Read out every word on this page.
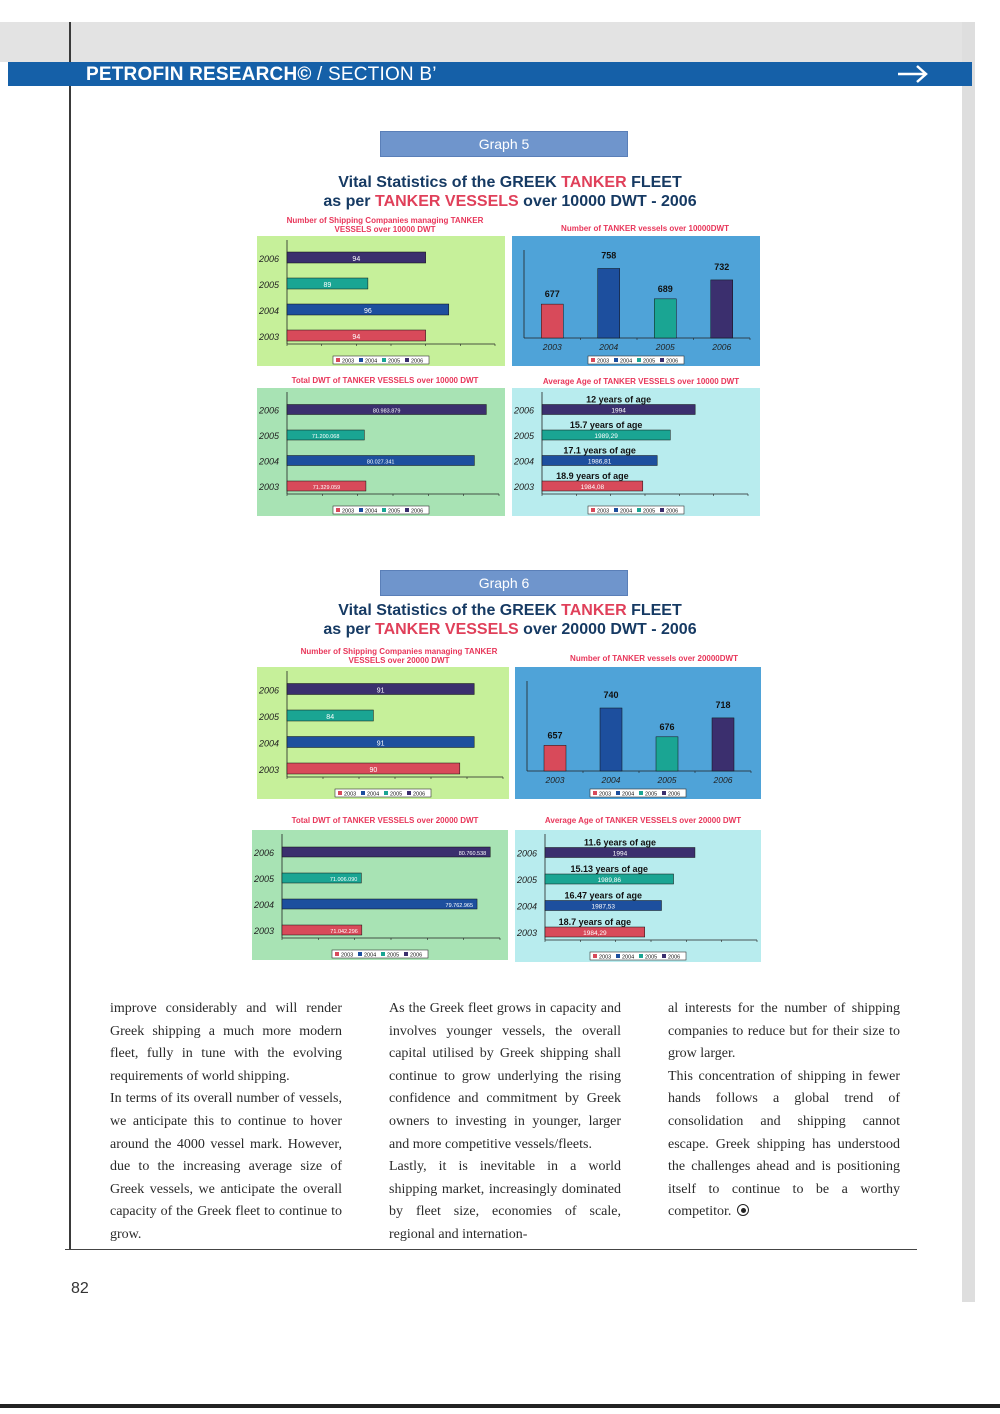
PETROFIN RESEARCH© / SECTION B’
Graph 5
Vital Statistics of the GREEK TANKER FLEET
as per TANKER VESSELS over 10000 DWT - 2006
Number of Shipping Companies managing TANKER VESSELS over 10000 DWT
2006	94
2005	89
2004	96
2003	94
2003 2004 2005 2006
Number of TANKER vessels over 10000DWT
677
2003
758
2004
689
2005
732
2006
2003 2004 2005 2006
Total DWT of TANKER VESSELS over 10000 DWT
2006	80.983.879
2005	71.200.068
2004	80.027.341
2003	71.329.059
2003 2004 2005 2006
Average Age of TANKER VESSELS over 10000 DWT
2006
12 years of age
1994
2005
15.7 years of age
1989,29
2004
17.1 years of age
1986,81
2003
18.9 years of age
1984,08
2003 2004 2005 2006
Graph 6
Vital Statistics of the GREEK TANKER FLEET
as per TANKER VESSELS over 20000 DWT - 2006
Number of Shipping Companies managing TANKER VESSELS over 20000 DWT
2006	91
2005	84
2004	91
2003	90
2003 2004 2005 2006
Number of TANKER vessels over 20000DWT
657
2003
740
2004
676
2005
718
2006
2003 2004 2005 2006
Total DWT of TANKER VESSELS over 20000 DWT
2006	80.760.538
2005	71.006.090
2004	79.762.965
2003	71.042.296
2003 2004 2005 2006
Average Age of TANKER VESSELS over 20000 DWT
2006
11.6 years of age
1994
2005
15.13 years of age
1989,86
2004
16.47 years of age
1987,53
2003
18.7 years of age
1984,29
2003 2004 2005 2006

improve considerably and will render Greek shipping a much more modern fleet, fully in tune with the evolving requirements of world shipping.

In terms of its overall number of vessels, we anticipate this to continue to hover around the 4000 vessel mark. However, due to the increasing average size of Greek vessels, we anticipate the overall capacity of the Greek fleet to continue to grow.

As the Greek fleet grows in capacity and involves younger vessels, the overall capital utilised by Greek shipping shall continue to grow underlying the rising confidence and commitment by Greek owners to investing in younger, larger and more competitive vessels/fleets.

Lastly, it is inevitable in a world shipping market, increasingly dominated by fleet size, economies of scale, regional and internation-

al interests for the number of shipping companies to reduce but for their size to grow larger.

This concentration of shipping in fewer hands follows a global trend of consolidation and shipping cannot escape. Greek shipping has understood the challenges ahead and is positioning itself to continue to be a worthy competitor.

82
